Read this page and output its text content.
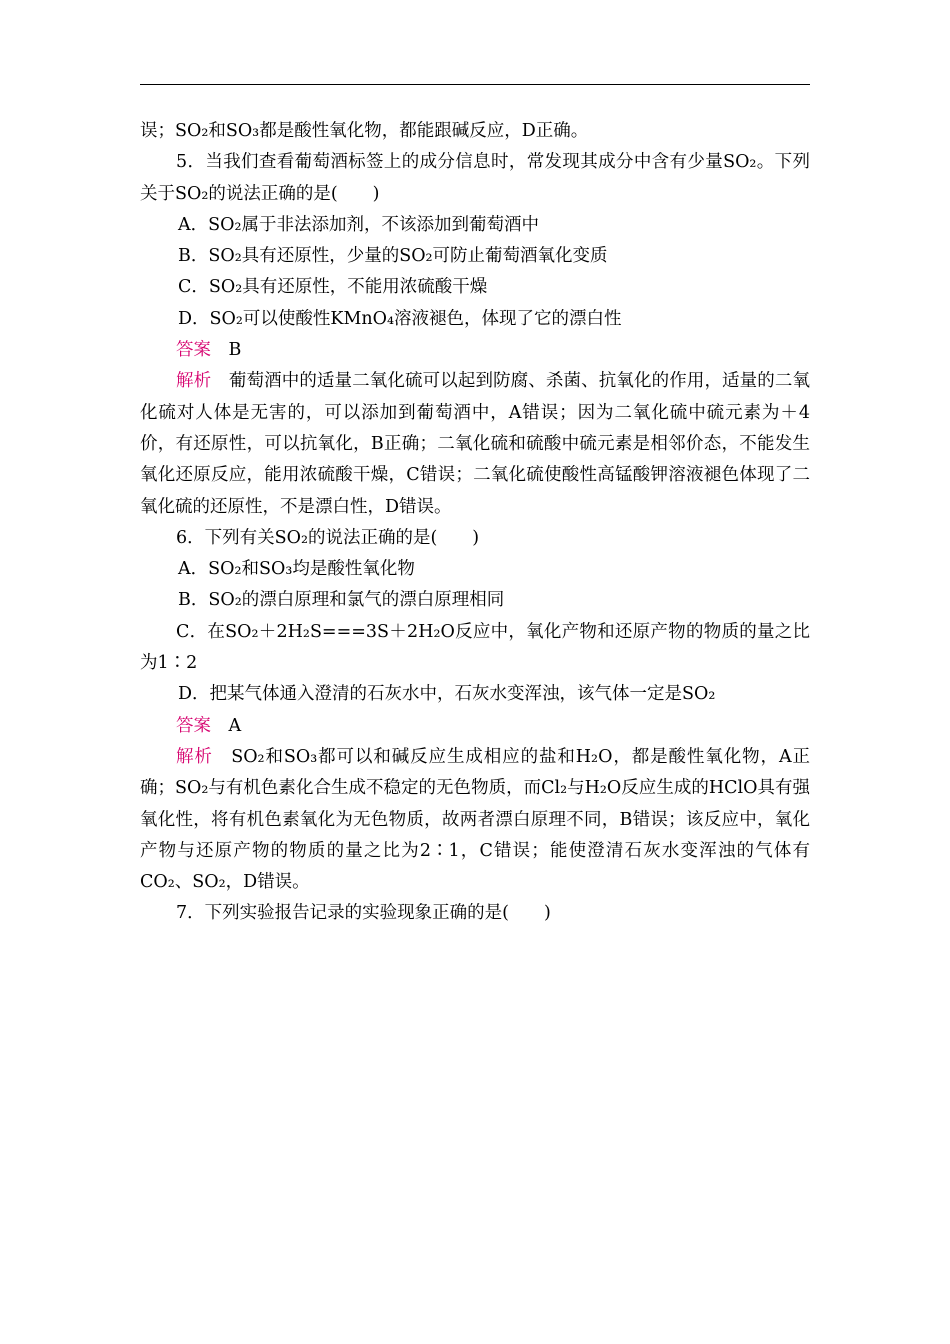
误；SO₂和SO₃都是酸性氧化物，都能跟碱反应，D正确。

5．当我们查看葡萄酒标签上的成分信息时，常发现其成分中含有少量SO₂。下列关于SO₂的说法正确的是(　　)

A．SO₂属于非法添加剂，不该添加到葡萄酒中

B．SO₂具有还原性，少量的SO₂可防止葡萄酒氧化变质

C．SO₂具有还原性，不能用浓硫酸干燥

D．SO₂可以使酸性KMnO₄溶液褪色，体现了它的漂白性

答案　 B

解析　 葡萄酒中的适量二氧化硫可以起到防腐、杀菌、抗氧化的作用，适量的二氧化硫对人体是无害的，可以添加到葡萄酒中，A错误；因为二氧化硫中硫元素为＋4价，有还原性，可以抗氧化，B正确；二氧化硫和硫酸中硫元素是相邻价态，不能发生氧化还原反应，能用浓硫酸干燥，C错误；二氧化硫使酸性高锰酸钾溶液褪色体现了二氧化硫的还原性，不是漂白性，D错误。

6．下列有关SO₂的说法正确的是(　　)

A．SO₂和SO₃均是酸性氧化物

B．SO₂的漂白原理和氯气的漂白原理相同

C．在SO₂＋2H₂S===3S＋2H₂O反应中，氧化产物和还原产物的物质的量之比为1∶2

D．把某气体通入澄清的石灰水中，石灰水变浑浊，该气体一定是SO₂

答案　 A

解析　 SO₂和SO₃都可以和碱反应生成相应的盐和H₂O，都是酸性氧化物，A正确；SO₂与有机色素化合生成不稳定的无色物质，而Cl₂与H₂O反应生成的HClO具有强氧化性，将有机色素氧化为无色物质，故两者漂白原理不同，B错误；该反应中，氧化产物与还原产物的物质的量之比为2∶1，C错误；能使澄清石灰水变浑浊的气体有CO₂、SO₂，D错误。

7．下列实验报告记录的实验现象正确的是(　　)
